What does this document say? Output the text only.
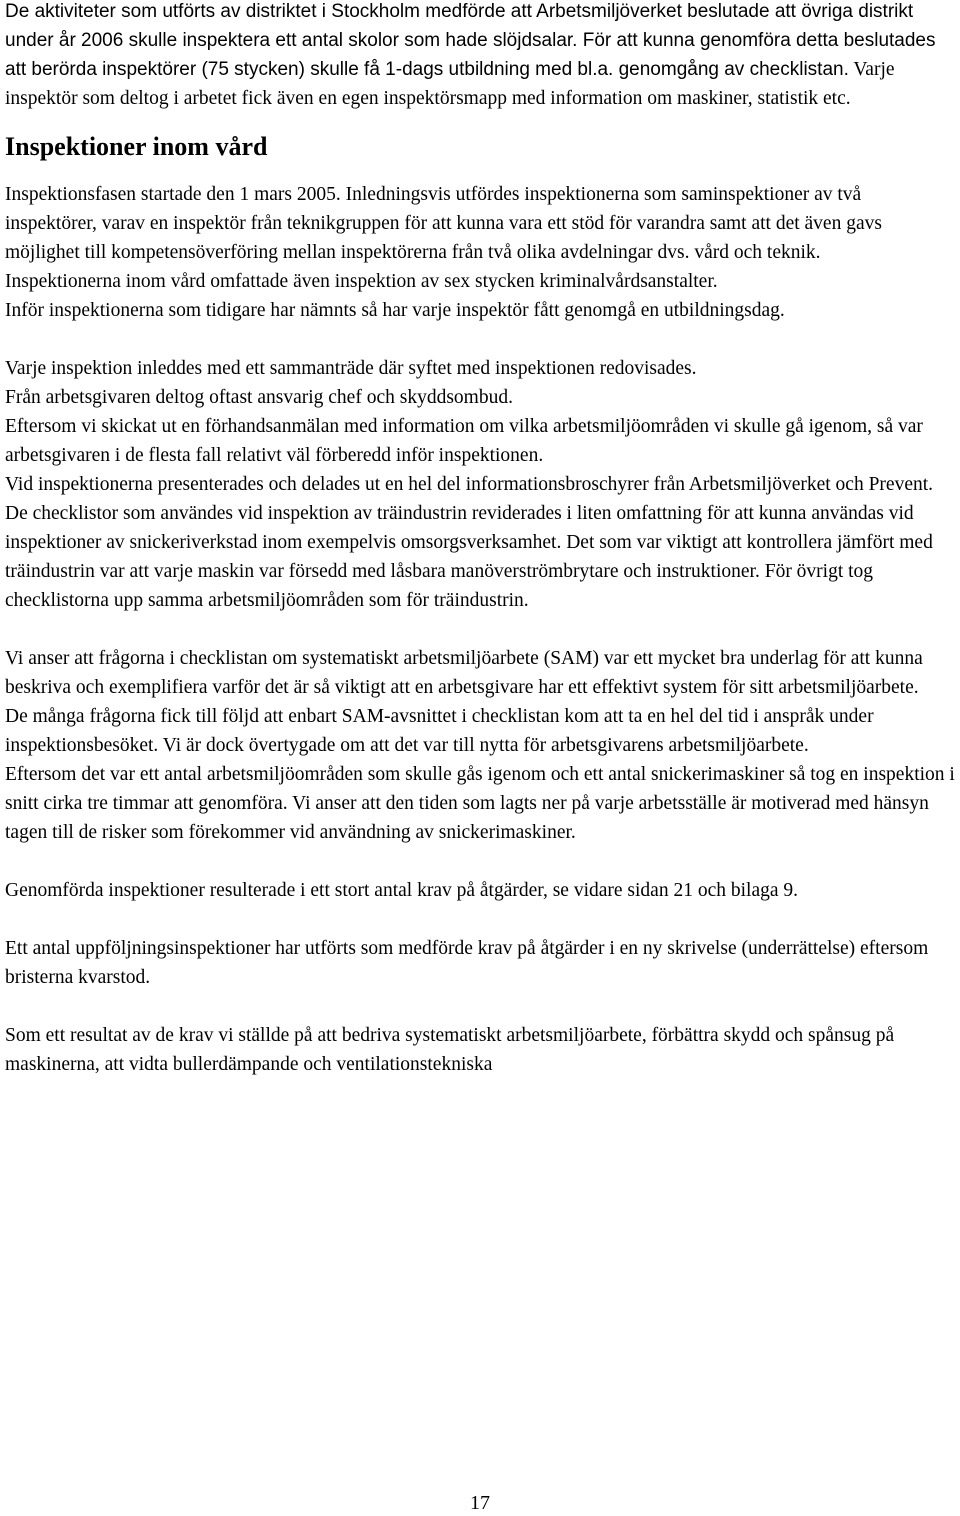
De aktiviteter som utförts av distriktet i Stockholm medförde att Arbetsmiljöverket beslutade att övriga distrikt under år 2006 skulle inspektera ett antal skolor som hade slöjdsalar. För att kunna genomföra detta beslutades att berörda inspektörer (75 stycken) skulle få 1-dags utbildning med bl.a. genomgång av checklistan. Varje inspektör som deltog i arbetet fick även en egen inspektörsmapp med information om maskiner, statistik etc.

Inspektioner inom vård

Inspektionsfasen startade den 1 mars 2005. Inledningsvis utfördes inspektionerna som saminspektioner av två inspektörer, varav en inspektör från teknikgruppen för att kunna vara ett stöd för varandra samt att det även gavs möjlighet till kompetensöverföring mellan inspektörerna från två olika avdelningar dvs. vård och teknik.

Inspektionerna inom vård omfattade även inspektion av sex stycken kriminalvårdsanstalter.

Inför inspektionerna som tidigare har nämnts så har varje inspektör fått genomgå en utbildningsdag.

Varje inspektion inleddes med ett sammanträde där syftet med inspektionen redovisades.

Från arbetsgivaren deltog oftast ansvarig chef och skyddsombud.

Eftersom vi skickat ut en förhandsanmälan med information om vilka arbetsmiljöområden vi skulle gå igenom, så var arbetsgivaren i de flesta fall relativt väl förberedd inför inspektionen.

Vid inspektionerna presenterades och delades ut en hel del informationsbroschyrer från Arbetsmiljöverket och Prevent.

De checklistor som användes vid inspektion av träindustrin reviderades i liten omfattning för att kunna användas vid inspektioner av snickeriverkstad inom exempelvis omsorgsverksamhet. Det som var viktigt att kontrollera jämfört med träindustrin var att varje maskin var försedd med låsbara manöverströmbrytare och instruktioner. För övrigt tog checklistorna upp samma arbetsmiljöområden som för träindustrin.

Vi anser att frågorna i checklistan om systematiskt arbetsmiljöarbete (SAM) var ett mycket bra underlag för att kunna beskriva och exemplifiera varför det är så viktigt att en arbetsgivare har ett effektivt system för sitt arbetsmiljöarbete.

De många frågorna fick till följd att enbart SAM-avsnittet i checklistan kom att ta en hel del tid i anspråk under inspektionsbesöket. Vi är dock övertygade om att det var till nytta för arbetsgivarens arbetsmiljöarbete.

Eftersom det var ett antal arbetsmiljöområden som skulle gås igenom och ett antal snickerimaskiner så tog en inspektion i snitt cirka tre timmar att genomföra. Vi anser att den tiden som lagts ner på varje arbetsställe är motiverad med hänsyn tagen till de risker som förekommer vid användning av snickerimaskiner.

Genomförda inspektioner resulterade i ett stort antal krav på åtgärder, se vidare sidan 21 och bilaga 9.

Ett antal uppföljningsinspektioner har utförts som medförde krav på åtgärder i en ny skrivelse (underrättelse) eftersom bristerna kvarstod.

Som ett resultat av de krav vi ställde på att bedriva systematiskt arbetsmiljöarbete, förbättra skydd och spånsug på maskinerna, att vidta bullerdämpande och ventilationstekniska

17
